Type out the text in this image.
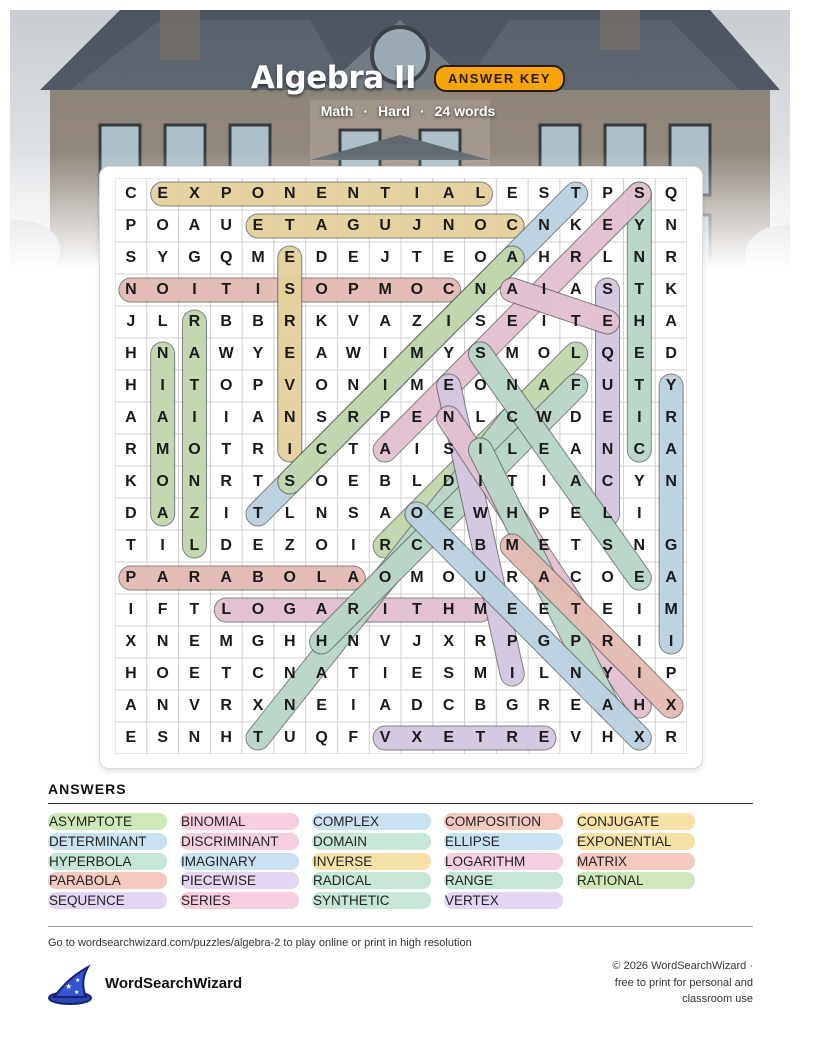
Algebra II ANSWER KEY
Math · Hard · 24 words
C	E	X	P	O	N	E	N	T	I	A	L	E	S	T	P	S	Q
P	O	A	U	E	T	A	G	U	J	N	O	C	N	K	E	Y	N
S	Y	G	Q	M	E	D	E	J	T	E	O	A	H	R	L	N	R
N	O	I	T	I	S	O	P	M	O	C	N	A	I	A	S	T	K
J	L	R	B	B	R	K	V	A	Z	I	S	E	I	T	E	H	A
H	N	A	W	Y	E	A	W	I	M	Y	S	M	O	L	Q	E	D
H	I	T	O	P	V	O	N	I	M	E	O	N	A	F	U	T	Y
A	A	I	I	A	N	S	R	P	E	N	L	C	W	D	E	I	R
R	M	O	T	R	I	C	T	A	I	S	I	L	E	A	N	C	A
K	O	N	R	T	S	O	E	B	L	D	I	T	I	A	C	Y	N
D	A	Z	I	T	L	N	S	A	O	E	W	H	P	E	L	I
T	I	L	D	E	Z	O	I	R	C	R	B	M	E	T	S	N	G
P	A	R	A	B	O	L	A	O	M	O	U	R	A	C	O	E	A
I	F	T	L	O	G	A	R	I	T	H	M	E	E	T	E	I	M
X	N	E	M	G	H	H	N	V	J	X	R	P	G	P	R	I	I
H	O	E	T	C	N	A	T	I	E	S	M	I	L	N	Y	I	P
A	N	V	R	X	N	E	I	A	D	C	B	G	R	E	A	H	X
E	S	N	H	T	U	Q	F	V	X	E	T	R	E	V	H	X	R
ANSWERS
ASYMPTOTE	BINOMIAL	COMPLEX	COMPOSITION	CONJUGATE
DETERMINANT	DISCRIMINANT	DOMAIN	ELLIPSE	EXPONENTIAL
HYPERBOLA	IMAGINARY	INVERSE	LOGARITHM	MATRIX
PARABOLA	PIECEWISE	RADICAL	RANGE	RATIONAL
SEQUENCE	SERIES	SYNTHETIC	VERTEX
Go to wordsearchwizard.com/puzzles/algebra-2 to play online or print in high resolution
★
★
★
WordSearchWizard
© 2026 WordSearchWizard ·
free to print for personal and
classroom use
